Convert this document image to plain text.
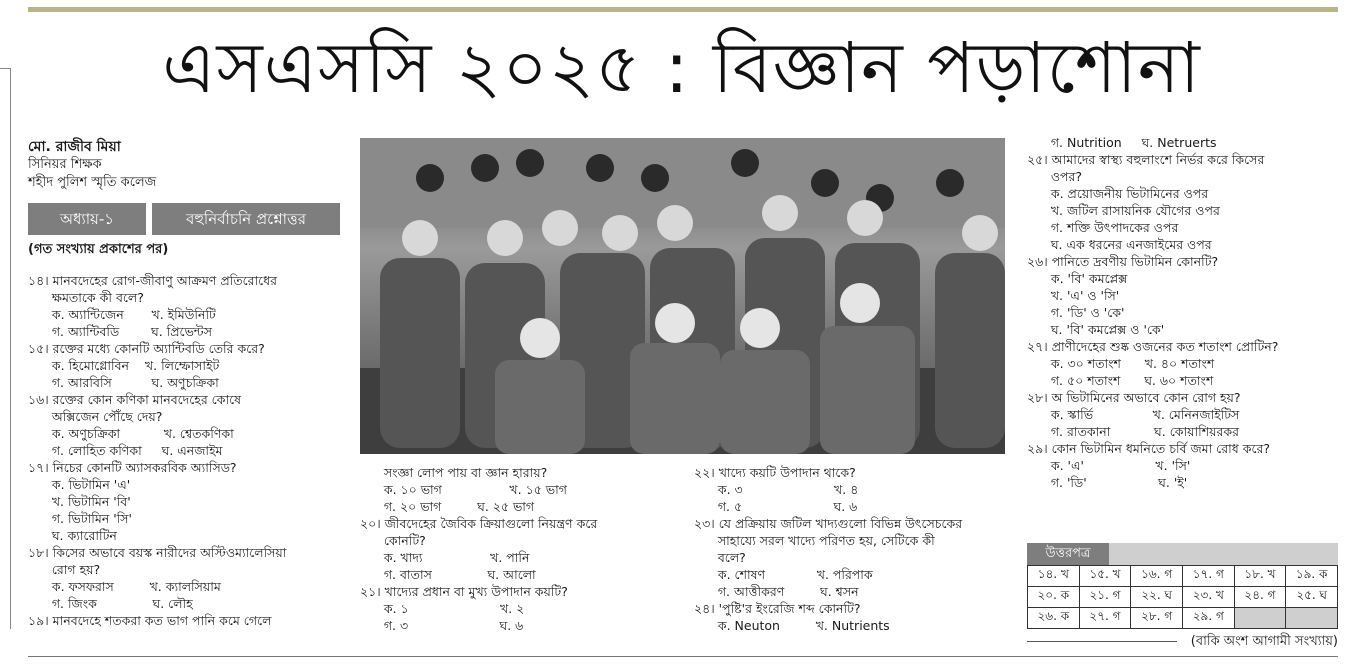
এসএসসি ২০২৫ : বিজ্ঞান পড়াশোনা
মো. রাজীব মিয়া
সিনিয়র শিক্ষক
শহীদ পুলিশ স্মৃতি কলেজ
অধ্যায়-১	বহুনির্বাচনি প্রশ্নোত্তর
(গত সংখ্যায় প্রকাশের পর)
১৪। মানবদেহের রোগ-জীবাণু আক্রমণ প্রতিরোধের
ক্ষমতাকে কী বলে?
ক. অ্যান্টিজেন       খ. ইমিউনিটি
গ. অ্যান্টিবডি        ঘ. প্রিভেন্টস
১৫। রক্তের মধ্যে কোনটি অ্যান্টিবডি তেরি করে?
ক. হিমোগ্লোবিন    খ. লিম্ফোসাইট
গ. আরবিসি          ঘ. অণুচক্রিকা
১৬। রক্তের কোন কণিকা মানবদেহের কোষে
অক্সিজেন পৌঁছে দেয়?
ক. অণুচক্রিকা           খ. শ্বেতকণিকা
গ. লোহিত কণিকা     ঘ. এনজাইম
১৭। নিচের কোনটি অ্যাসকরবিক অ্যাসিড?
ক. ভিটামিন 'এ'
খ. ভিটামিন 'বি'
গ. ভিটামিন 'সি'
ঘ. ক্যারোটিন
১৮। কিসের অভাবে বয়স্ক নারীদের অস্টিওম্যালেসিয়া
রোগ হয়?
ক. ফসফরাস         খ. ক্যালসিয়াম
গ. জিংক              ঘ. লৌহ
১৯। মানবদেহে শতকরা কত ভাগ পানি কমে গেলে
সংজ্ঞা লোপ পায় বা জ্ঞান হারায়?
ক. ১০ ভাগ                 খ. ১৫ ভাগ
গ. ২০ ভাগ         ঘ. ২৫ ভাগ
২০। জীবদেহের জৈবিক ক্রিয়াগুলো নিয়ন্ত্রণ করে
কোনটি?
ক. খাদ্য                 খ. পানি
গ. বাতাস              ঘ. আলো
২১। খাদ্যের প্রধান বা মুখ্য উপাদান কয়টি?
ক. ১                       খ. ২
গ. ৩                       ঘ. ৬
২২। খাদ্যে কয়টি উপাদান থাকে?
ক. ৩                       খ. ৪
গ. ৫                       ঘ. ৬
২৩। যে প্রক্রিয়ায় জটিল খাদ্যগুলো বিভিন্ন উৎসেচকের
সাহায্যে সরল খাদ্যে পরিণত হয়, সেটিকে কী
বলে?
ক. শোষণ             খ. পরিপাক
গ. আত্তীকরণ         ঘ. শ্বসন
২৪। 'পুষ্টি'র ইংরেজি শব্দ কোনটি?
ক. Neuton         খ. Nutrients
গ. Nutrition     ঘ. Netruerts
২৫। আমাদের স্বাস্থ্য বহুলাংশে নির্ভর করে কিসের
ওপর?
ক. প্রয়োজনীয় ভিটামিনের ওপর
খ. জটিল রাসায়নিক যৌগের ওপর
গ. শক্তি উৎপাদকের ওপর
ঘ. এক ধরনের এনজাইমের ওপর
২৬। পানিতে দ্রবণীয় ভিটামিন কোনটি?
ক. 'বি' কমপ্লেক্স
খ. 'এ' ও 'সি'
গ. 'ডি' ও 'কে'
ঘ. 'বি' কমপ্লেক্স ও 'কে'
২৭। প্রাণীদেহের শুষ্ক ওজনের কত শতাংশ প্রোটিন?
ক. ৩০ শতাংশ      খ. ৪০ শতাংশ
গ. ৫০ শতাংশ      ঘ. ৬০ শতাংশ
২৮। অ ভিটামিনের অভাবে কোন রোগ হয়?
ক. স্কার্ভি               খ. মেনিনজাইটিস
গ. রাতকানা           ঘ. কোয়াশিয়রকর
২৯। কোন ভিটামিন ধমনিতে চর্বি জমা রোধ করে?
ক. 'এ'                  খ. 'সি'
গ. 'ডি'                  ঘ. 'ই'
উত্তরপত্র
১৪. খ	১৫. খ	১৬. গ	১৭. গ	১৮. খ	১৯. ক
২০. ক	২১. গ	২২. ঘ	২৩. খ	২৪. গ	২৫. ঘ
২৬. ক	২৭. গ	২৮. গ	২৯. গ		
(বাকি অংশ আগামী সংখ্যায়)
